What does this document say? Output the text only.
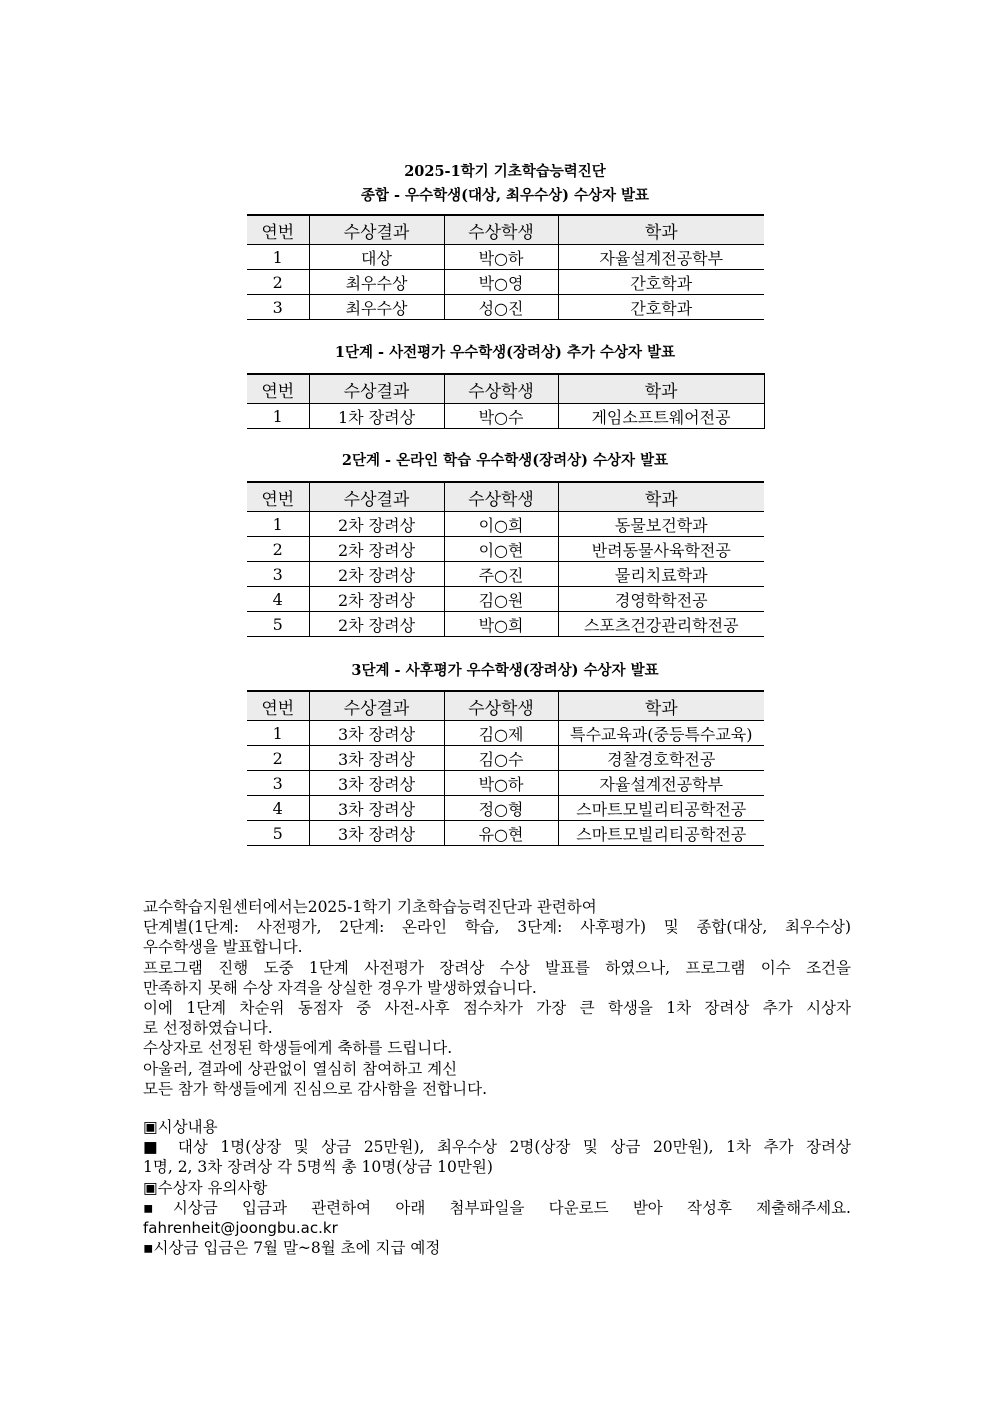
2025-1학기 기초학습능력진단
종합 - 우수학생(대상, 최우수상) 수상자 발표
연번	수상결과	수상학생	학과
1	대상	박○하	자율설계전공학부
2	최우수상	박○영	간호학과
3	최우수상	성○진	간호학과
1단계 - 사전평가 우수학생(장려상) 추가 수상자 발표
연번	수상결과	수상학생	학과
1	1차 장려상	박○수	게임소프트웨어전공
2단계 - 온라인 학습 우수학생(장려상) 수상자 발표
연번	수상결과	수상학생	학과
1	2차 장려상	이○희	동물보건학과
2	2차 장려상	이○현	반려동물사육학전공
3	2차 장려상	주○진	물리치료학과
4	2차 장려상	김○원	경영학학전공
5	2차 장려상	박○희	스포츠건강관리학전공
3단계 - 사후평가 우수학생(장려상) 수상자 발표
연번	수상결과	수상학생	학과
1	3차 장려상	김○제	특수교육과(중등특수교육)
2	3차 장려상	김○수	경찰경호학전공
3	3차 장려상	박○하	자율설계전공학부
4	3차 장려상	정○형	스마트모빌리티공학전공
5	3차 장려상	유○현	스마트모빌리티공학전공

교수학습지원센터에서는2025-1학기 기초학습능력진단과 관련하여

단계별(1단계: 사전평가, 2단계: 온라인 학습, 3단계: 사후평가) 및 종합(대상, 최우수상)

우수학생을 발표합니다.

프로그램 진행 도중 1단계 사전평가 장려상 수상 발표를 하였으나, 프로그램 이수 조건을

만족하지 못해 수상 자격을 상실한 경우가 발생하였습니다.

이에 1단계 차순위 동점자 중 사전-사후 점수차가 가장 큰 학생을 1차 장려상 추가 시상자

로 선정하였습니다.

수상자로 선정된 학생들에게 축하를 드립니다.

아울러, 결과에 상관없이 열심히 참여하고 계신

모든 참가 학생들에게 진심으로 감사함을 전합니다.

▣시상내용

■ 대상 1명(상장 및 상금 25만원), 최우수상 2명(상장 및 상금 20만원), 1차 추가 장려상

1명, 2, 3차 장려상 각 5명씩 총 10명(상금 10만원)

▣수상자 유의사항

▪시상금 입금과 관련하여 아래 첨부파일을 다운로드 받아 작성후 제출해주세요.

fahrenheit@joongbu.ac.kr

▪시상금 입금은 7월 말~8월 초에 지급 예정
